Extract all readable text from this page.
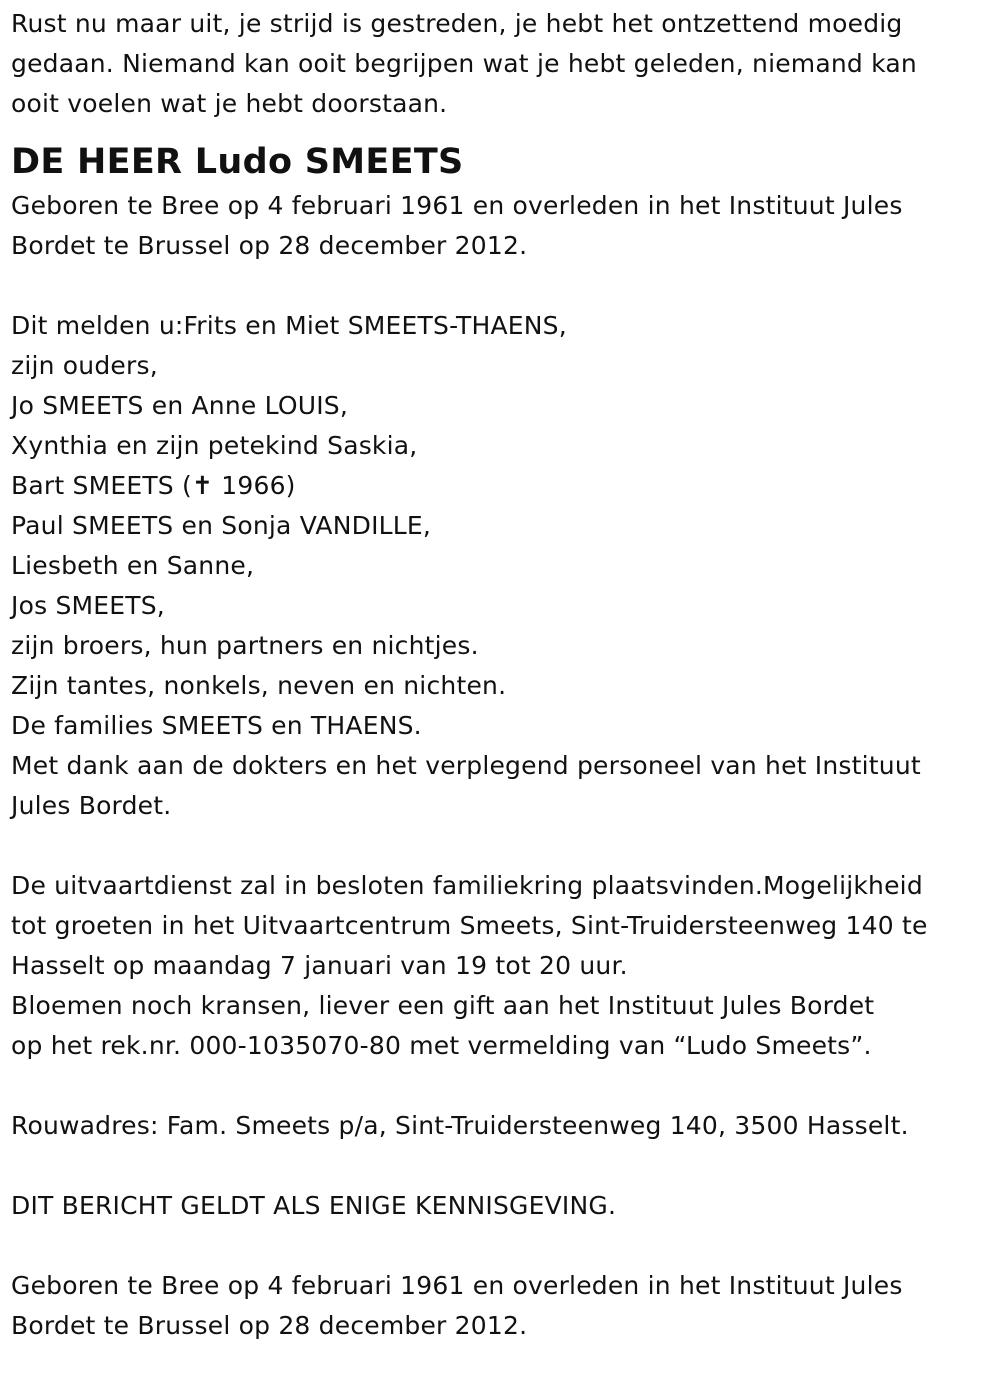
Rust nu maar uit, je strijd is gestreden, je hebt het ontzettend moedig
gedaan. Niemand kan ooit begrijpen wat je hebt geleden, niemand kan
ooit voelen wat je hebt doorstaan.
DE HEER Ludo SMEETS
Geboren te Bree op 4 februari 1961 en overleden in het Instituut Jules
Bordet te Brussel op 28 december 2012.
Dit melden u:Frits en Miet SMEETS-THAENS,
zijn ouders,
Jo SMEETS en Anne LOUIS,
Xynthia en zijn petekind Saskia,
Bart SMEETS (✝ 1966)
Paul SMEETS en Sonja VANDILLE,
Liesbeth en Sanne,
Jos SMEETS,
zijn broers, hun partners en nichtjes.
Zijn tantes, nonkels, neven en nichten.
De families SMEETS en THAENS.
Met dank aan de dokters en het verplegend personeel van het Instituut
Jules Bordet.
De uitvaartdienst zal in besloten familiekring plaatsvinden.Mogelijkheid
tot groeten in het Uitvaartcentrum Smeets, Sint-Truidersteenweg 140 te
Hasselt op maandag 7 januari van 19 tot 20 uur.
Bloemen noch kransen, liever een gift aan het Instituut Jules Bordet
op het rek.nr. 000-1035070-80 met vermelding van “Ludo Smeets”.
Rouwadres: Fam. Smeets p/a, Sint-Truidersteenweg 140, 3500 Hasselt.
DIT BERICHT GELDT ALS ENIGE KENNISGEVING.
Geboren te Bree op 4 februari 1961 en overleden in het Instituut Jules
Bordet te Brussel op 28 december 2012.
